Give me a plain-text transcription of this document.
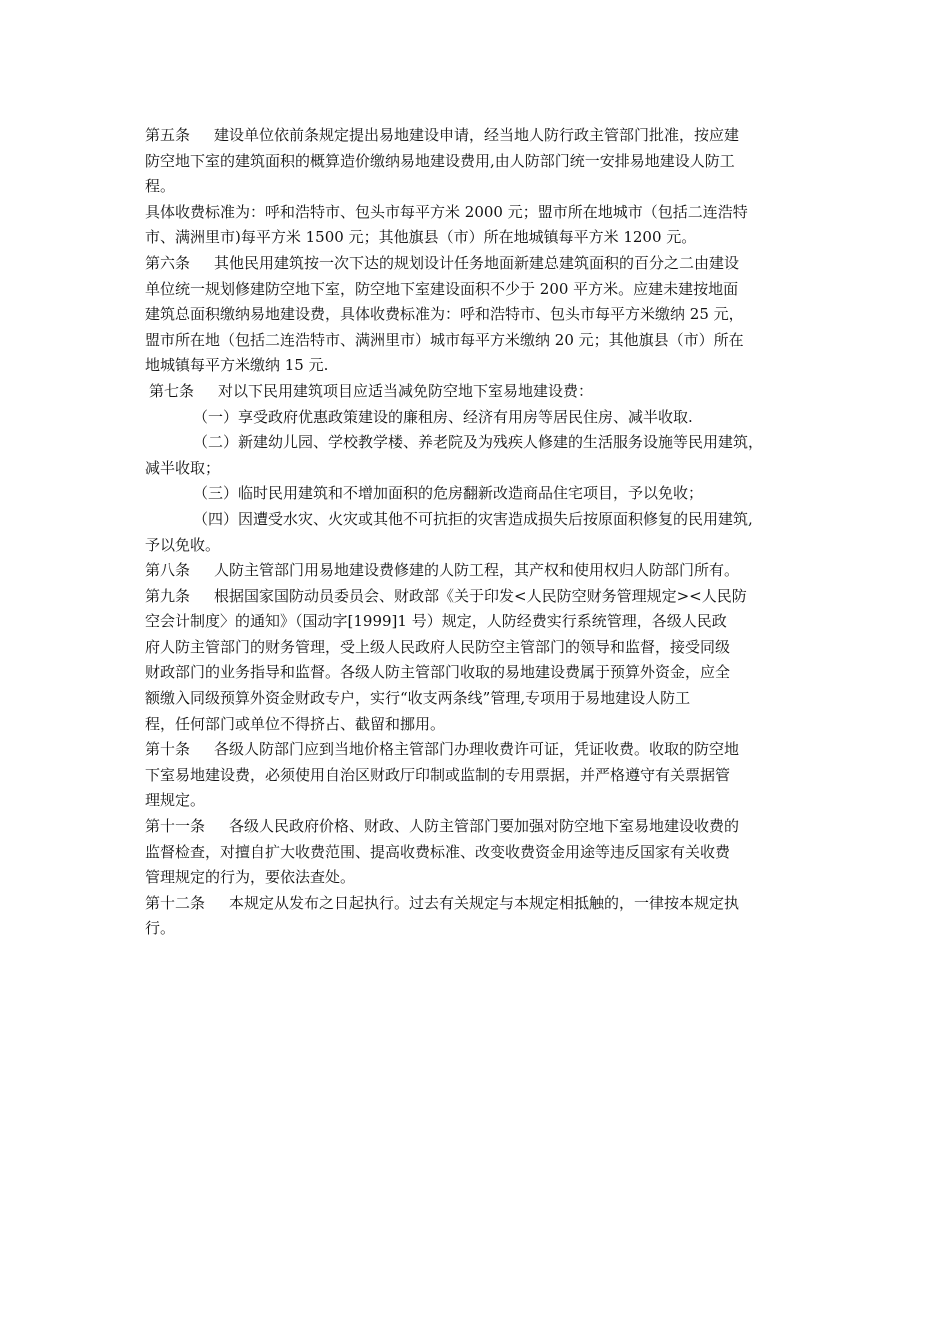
第五条 建设单位依前条规定提出易地建设申请，经当地人防行政主管部门批准，按应建
防空地下室的建筑面积的概算造价缴纳易地建设费用,由人防部门统一安排易地建设人防工
程。
具体收费标准为：呼和浩特市、包头市每平方米 2000 元；盟市所在地城市（包括二连浩特
市、满洲里市)每平方米 1500 元；其他旗县（市）所在地城镇每平方米 1200 元。
第六条 其他民用建筑按一次下达的规划设计任务地面新建总建筑面积的百分之二由建设
单位统一规划修建防空地下室，防空地下室建设面积不少于 200 平方米。应建未建按地面
建筑总面积缴纳易地建设费，具体收费标准为：呼和浩特市、包头市每平方米缴纳 25 元，
盟市所在地（包括二连浩特市、满洲里市）城市每平方米缴纳 20 元；其他旗县（市）所在
地城镇每平方米缴纳 15 元.
第七条 对以下民用建筑项目应适当减免防空地下室易地建设费：
（一）享受政府优惠政策建设的廉租房、经济有用房等居民住房、减半收取.
（二）新建幼儿园、学校教学楼、养老院及为残疾人修建的生活服务设施等民用建筑，
减半收取；
（三）临时民用建筑和不增加面积的危房翻新改造商品住宅项目，予以免收；
（四）因遭受水灾、火灾或其他不可抗拒的灾害造成损失后按原面积修复的民用建筑,
予以免收。
第八条 人防主管部门用易地建设费修建的人防工程，其产权和使用权归人防部门所有。
第九条 根据国家国防动员委员会、财政部《关于印发<人民防空财务管理规定><人民防
空会计制度〉的通知》（国动字[1999]1 号）规定，人防经费实行系统管理，各级人民政
府人防主管部门的财务管理，受上级人民政府人民防空主管部门的领导和监督，接受同级
财政部门的业务指导和监督。各级人防主管部门收取的易地建设费属于预算外资金，应全
额缴入同级预算外资金财政专户，实行“收支两条线”管理,专项用于易地建设人防工
程，任何部门或单位不得挤占、截留和挪用。
第十条 各级人防部门应到当地价格主管部门办理收费许可证，凭证收费。收取的防空地
下室易地建设费，必须使用自治区财政厅印制或监制的专用票据，并严格遵守有关票据管
理规定。
第十一条 各级人民政府价格、财政、人防主管部门要加强对防空地下室易地建设收费的
监督检查，对擅自扩大收费范围、提高收费标准、改变收费资金用途等违反国家有关收费
管理规定的行为，要依法查处。
第十二条 本规定从发布之日起执行。过去有关规定与本规定相抵触的，一律按本规定执
行。
